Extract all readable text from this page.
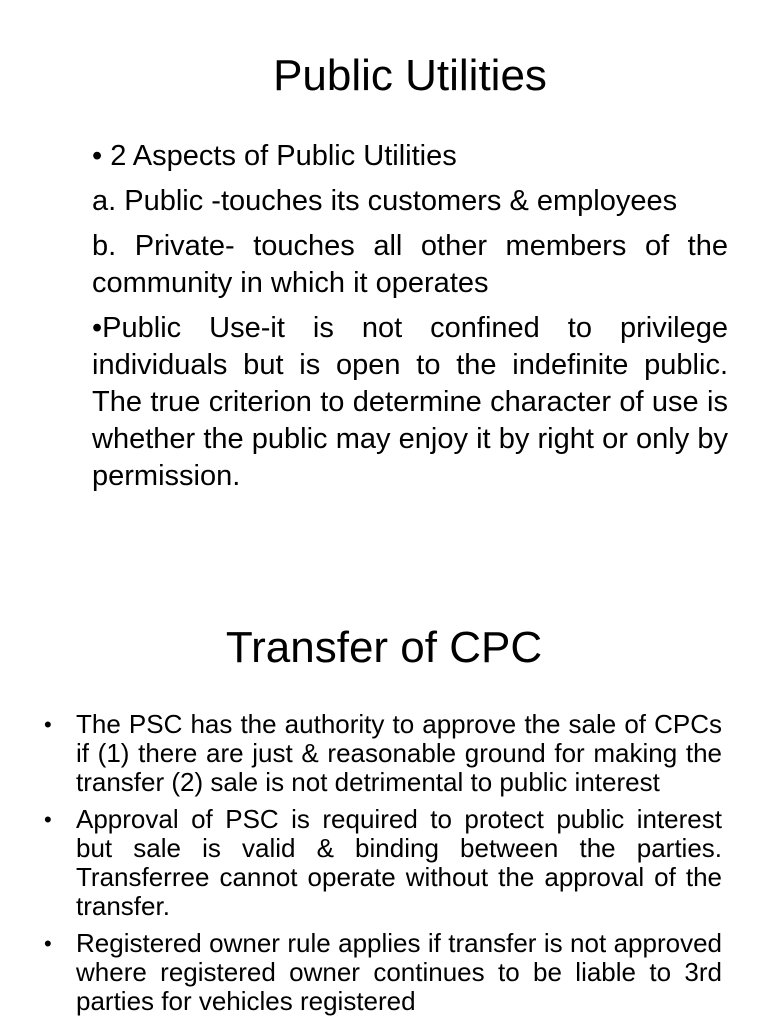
Public Utilities

• 2 Aspects of Public Utilities

a. Public -touches its customers & employees

b. Private- touches all other members of the community in which it operates

•Public Use-it is not confined to privilege individuals but is open to the indefinite public. The true criterion to determine character of use is whether the public may enjoy it by right or only by permission.

Transfer of CPC
• The PSC has the authority to approve the sale of CPCs if (1) there are just & reasonable ground for making the transfer (2) sale is not detrimental to public interest
• Approval of PSC is required to protect public interest but sale is valid & binding between the parties. Transferree cannot operate without the approval of the transfer.
• Registered owner rule applies if transfer is not approved where registered owner continues to be liable to 3rd parties for vehicles registered
